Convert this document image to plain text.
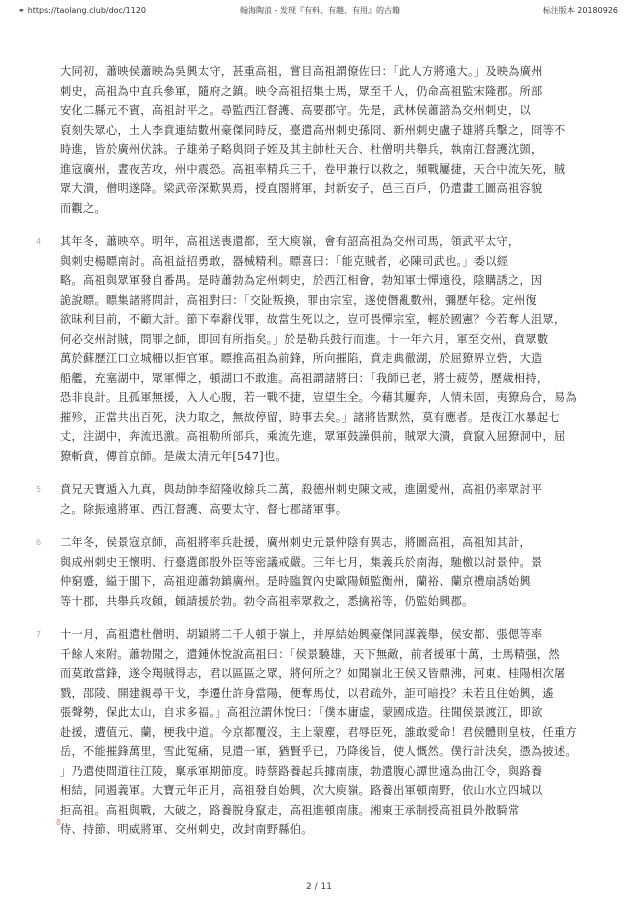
⚭ https://taolang.club/doc/1120	翰海陶浪 - 发现『有料、有趣、有用』的古籍	标注版本 20180926
大同初，蕭映侯蕭映為吳興太守，甚重高祖，嘗目高祖謂僚佐曰：「此人方將遠大。」及映為廣州
刺史，高祖為中直兵參軍，隨府之鎮。映令高祖招集士馬，眾至千人，仍命高祖監宋隆郡。所部
安化二縣元不賓，高祖討平之。尋監西江督護、高要郡守。先是，武林侯蕭諮為交州刺史，以
裒刻失眾心，土人李賁連結數州豪傑同時反，臺遣高州刺史孫冏、新州刺史盧子雄將兵擊之，冏等不
時進，皆於廣州伏誅。子雄弟子略與冏子姪及其主帥杜天合、杜僧明共舉兵，執南江督護沈顗，
進寇廣州，晝夜苦攻，州中震恐。高祖率精兵三千，卷甲兼行以救之，頻戰屢捷，天合中流矢死，賊
眾大潰，僧明遂降。梁武帝深歎異焉，授直閤將軍，封新安子，邑三百戶，仍遣畫工圖高祖容貌
而觀之。
4 其年冬，蕭映卒。明年，高祖送喪還都，至大庾嶺，會有詔高祖為交州司馬，領武平太守，
與刺史楊瞟南討。高祖益招勇敢，器械精利。瞟喜曰：「能克賊者，必陳司武也。」委以經
略。高祖與眾軍發自番禺。是時蕭勃為定州刺史，於西江相會，勃知軍士憚遠役，陰購誘之，因
詭說瞟。瞟集諸將問計，高祖對曰：「交阯叛換，罪由宗室，遂使僭亂數州，彌歷年稔。定州復
欲昧利目前，不顧大計。節下奉辭伐罪，故當生死以之，豈可畏憚宗室，輕於國憲？今若奪人沮眾，
何必交州討賊，問罪之師，即回有所指矣。」於是勒兵鼓行而進。十一年六月，軍至交州，賁眾數
萬於蘇歷江口立城柵以拒官軍。瞟推高祖為前鋒，所向摧陷，賁走典徹湖，於屈獠界立砦，大造
船艦，充塞湖中，眾軍憚之，頓湖口不敢進。高祖謂諸將曰：「我師已老，將士疲勞，歷歲相持，
恐非良計。且孤軍無援，入人心腹，若一戰不捷，豈望生全。今藉其屢奔，人情未固，夷獠烏合，易為
摧殄，正當共出百死，決力取之，無故停留，時事去矣。」諸將皆默然，莫有應者。是夜江水暴起七
丈，注湖中，奔流迅激。高祖勒所部兵，乘流先進，眾軍鼓譟俱前，賊眾大潰，賁竄入屈獠洞中，屈
獠斬賁，傳首京師。是歲太清元年[547]也。
5 賁兄天寶遁入九真，與劫帥李紹隆收餘兵二萬，殺德州刺史陳文戒，進圍愛州，高祖仍率眾討平
之。除振遠將軍、西江督護、高要太守、督七郡諸軍事。
6 二年冬，侯景寇京師，高祖將率兵赴援，廣州刺史元景仲陰有異志，將圖高祖，高祖知其計，
與成州刺史王懷明、行臺選郎殷外臣等密議戒嚴。三年七月，集義兵於南海，馳檄以討景仲。景
仲窮蹙，縊于閣下，高祖迎蕭勃鎮廣州。是時臨賀內史歐陽頠監衡州，蘭裕、蘭京禮扇誘始興
等十郡，共舉兵攻頠，頠請援於勃。勃令高祖率眾救之，悉擒裕等，仍監始興郡。
7 十一月，高祖遣杜僧明、胡穎將二千人頓于嶺上，并厚結始興豪傑同謀義舉，侯安都、張偲等率
千餘人來附。蕭勃聞之，遣鍾休悅說高祖曰：「侯景驍雄，天下無敵，前者援軍十萬，士馬精强，然
而莫敢當鋒，遂令羯賊得志，君以區區之眾，將何所之？如聞嶺北王侯又皆鼎沸，河東、桂陽相次屠
戮，邵陵、開建親尋干戈，李遷仕許身當陽，便奪馬仗，以君疏外，詎可暗投？未若且住始興，遙
張聲勢，保此太山，自求多福。」高祖泣謂休悅曰：「僕本庸虛，蒙國成造。往聞侯景渡江，即欲
赴援，遭值元、蘭，梗我中道。今京都覆沒，主上蒙塵，君辱臣死，誰敢愛命！君侯體則皇枝，任重方
岳，不能摧鋒萬里，雪此冤痛，見遣一軍，猶賢乎已，乃降後旨，使人慨然。僕行計決矣，憑為披述。
」乃遣使間道往江陵，稟承軍期節度。時蔡路養起兵據南康，勃遣腹心譚世遠為曲江令，與路養
相結，同遏義軍。大寶元年正月，高祖發自始興，次大庾嶺。路養出軍頓南野，依山水立四城以
拒高祖。高祖與戰，大破之，路養脫身竄走，高祖進頓南康。湘東王承制授高祖員外散騎常
侍、持節、明威將軍、交州刺史，改封南野縣伯。
8
2 / 11
